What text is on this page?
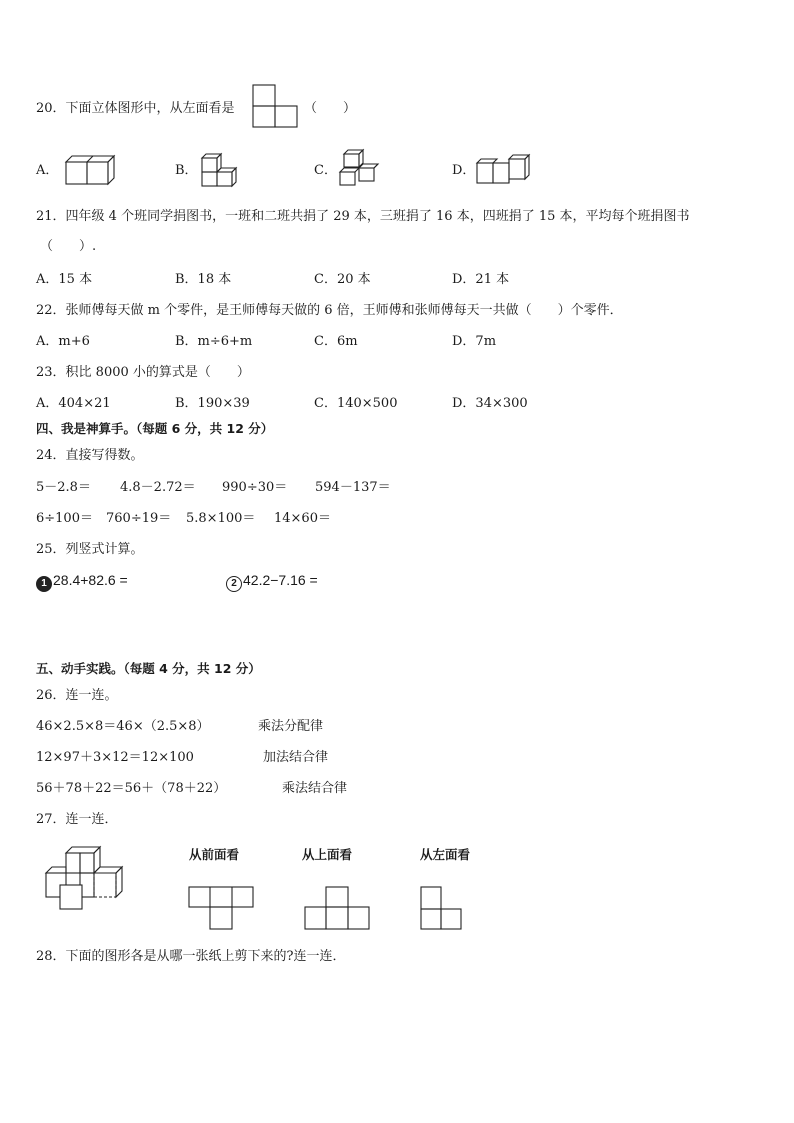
20．下面立体图形中，从左面看是	（　　）
A．	B．	C．	D．
21．四年级 4 个班同学捐图书，一班和二班共捐了 29 本，三班捐了 16 本，四班捐了 15 本，平均每个班捐图书
（　　）.
A．15 本	B．18 本	C．20 本	D．21 本
22．张师傅每天做 m 个零件，是王师傅每天做的 6 倍，王师傅和张师傅每天一共做（　　）个零件．
A．m+6	B．m÷6+m	C．6m	D．7m
23．积比 8000 小的算式是（　　）
A．404×21	B．190×39	C．140×500	D．34×300
四、我是神算手。（每题 6 分，共 12 分）
24．直接写得数。
5－2.8＝ 4.8－2.72＝ 990÷30＝ 594－137＝
6÷100＝ 760÷19＝ 5.8×100＝ 14×60＝
25．列竖式计算。
1 28.4+82.6 =	2 42.2−7.16 =
五、动手实践。（每题 4 分，共 12 分）
26．连一连。
46×2.5×8＝46×（2.5×8）
12×97＋3×12＝12×100
56＋78＋22＝56＋（78＋22）
乘法分配律
加法结合律
乘法结合律
27．连一连．
从前面看	从上面看	从左面看
28．下面的图形各是从哪一张纸上剪下来的?连一连．
